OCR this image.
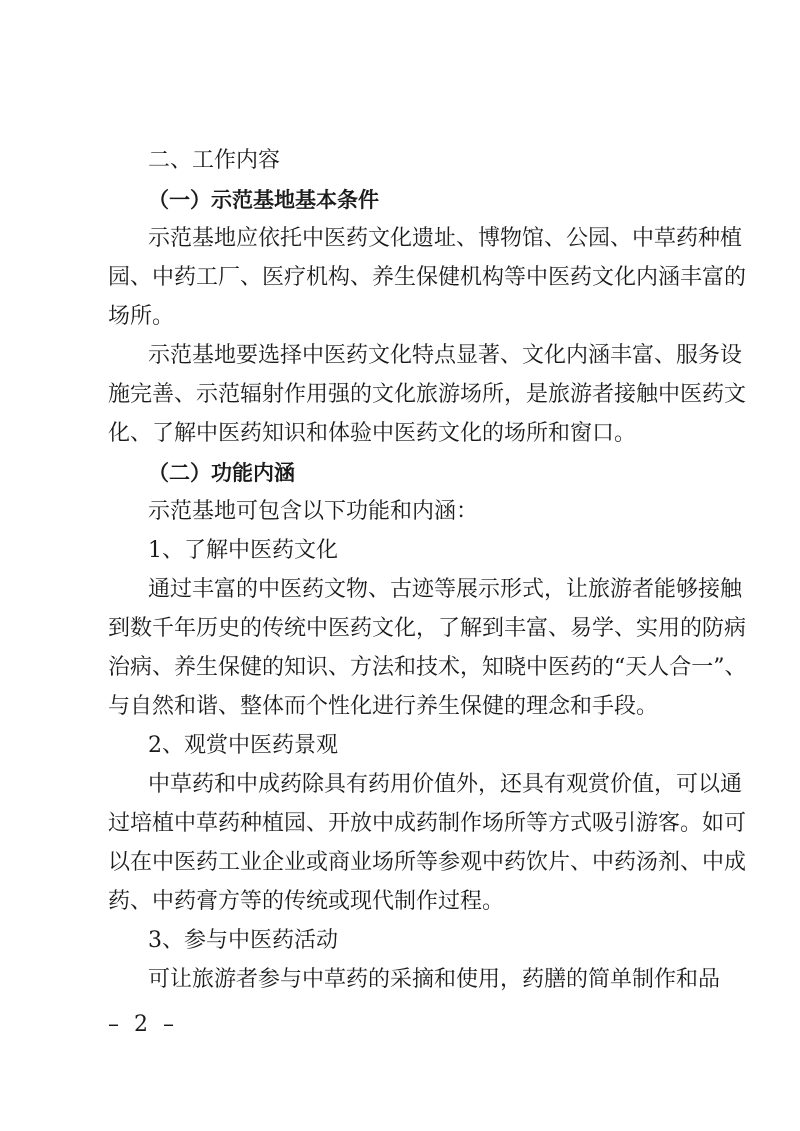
二、工作内容
（一）示范基地基本条件
示范基地应依托中医药文化遗址、博物馆、公园、中草药种植
园、中药工厂、医疗机构、养生保健机构等中医药文化内涵丰富的
场所。
示范基地要选择中医药文化特点显著、文化内涵丰富、服务设
施完善、示范辐射作用强的文化旅游场所，是旅游者接触中医药文
化、了解中医药知识和体验中医药文化的场所和窗口。
（二）功能内涵
示范基地可包含以下功能和内涵：
1、了解中医药文化
通过丰富的中医药文物、古迹等展示形式，让旅游者能够接触
到数千年历史的传统中医药文化，了解到丰富、易学、实用的防病
治病、养生保健的知识、方法和技术，知晓中医药的“天人合一”、
与自然和谐、整体而个性化进行养生保健的理念和手段。
2、观赏中医药景观
中草药和中成药除具有药用价值外，还具有观赏价值，可以通
过培植中草药种植园、开放中成药制作场所等方式吸引游客。如可
以在中医药工业企业或商业场所等参观中药饮片、中药汤剂、中成
药、中药膏方等的传统或现代制作过程。
3、参与中医药活动
可让旅游者参与中草药的采摘和使用，药膳的简单制作和品
– 2 –
